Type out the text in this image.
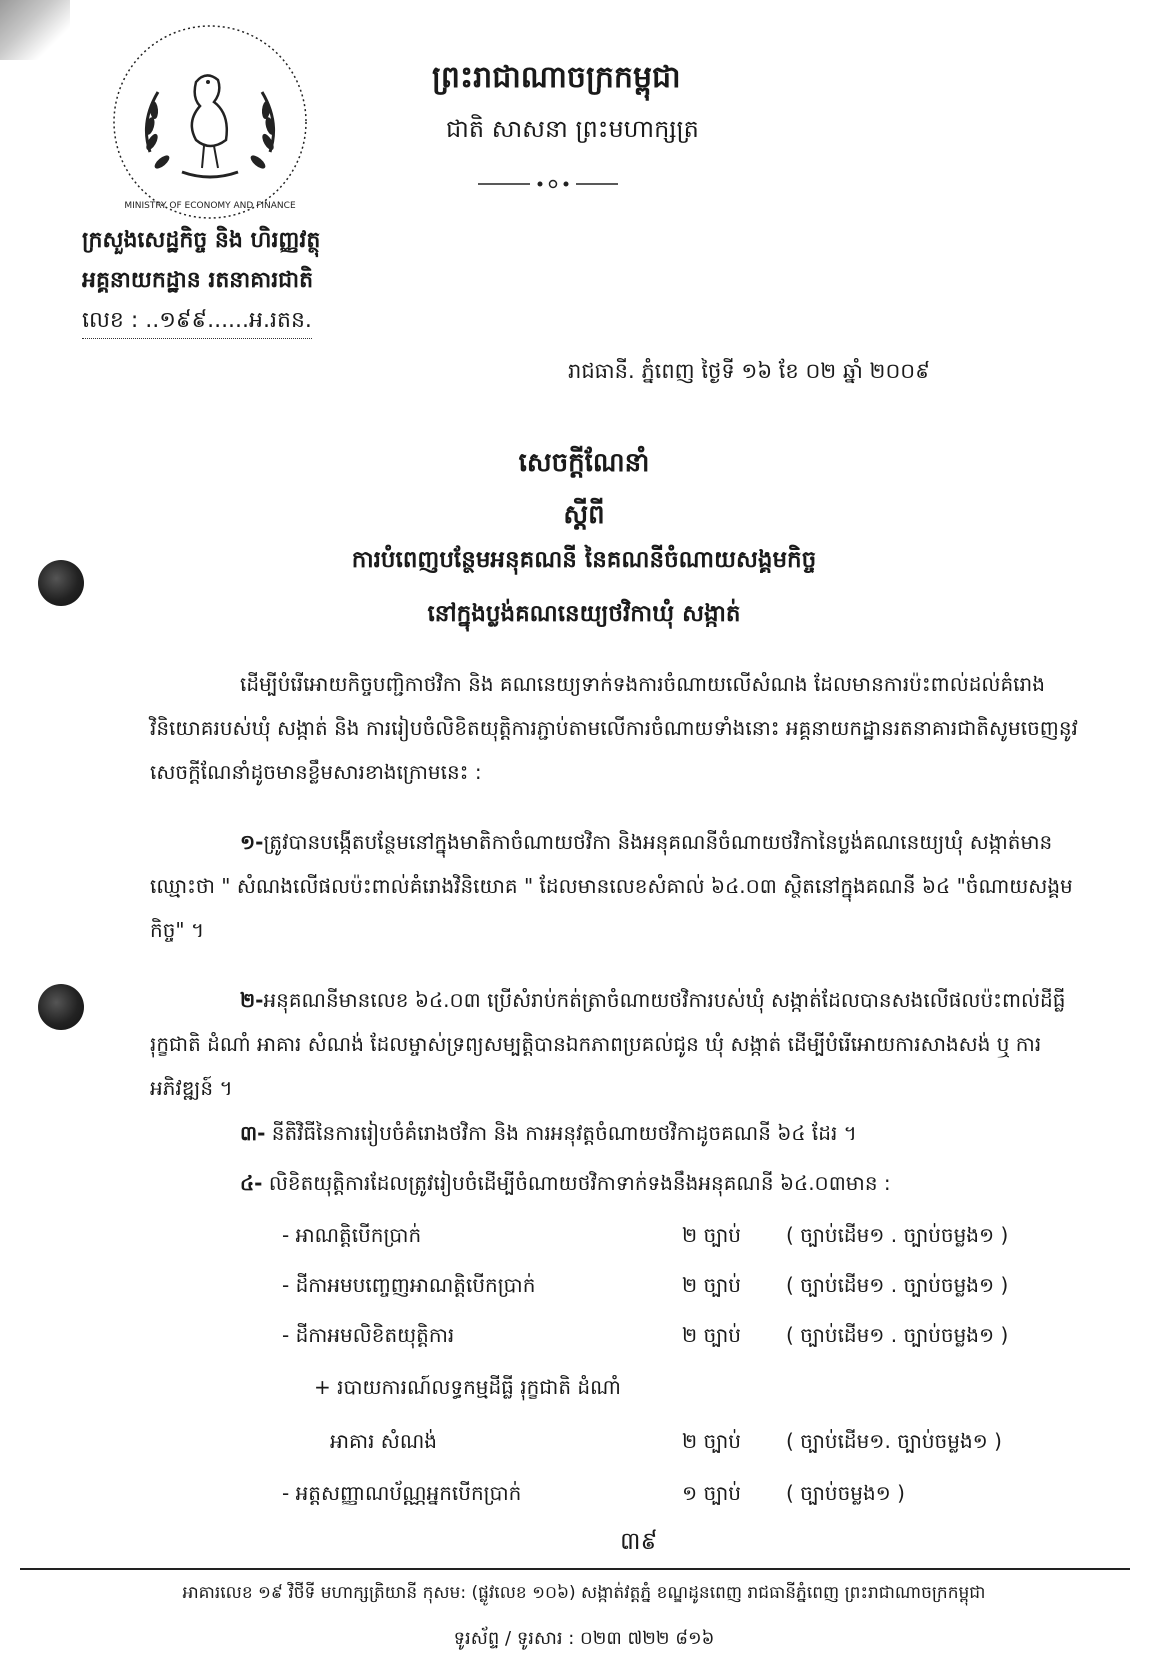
MINISTRY OF ECONOMY AND FINANCE
ក្រសួងសេដ្ឋកិច្ច និង ហិរញ្ញវត្ថុ
អគ្គនាយកដ្ឋាន រតនាគារជាតិ
លេខ : ..១៩៩......អ.រតន.
ព្រះរាជាណាចក្រកម្ពុជា
ជាតិ សាសនា ព្រះមហាក្សត្រ
រាជធានី. ភ្នំពេញ ថ្ងៃទី ១៦ ខែ ០២ ឆ្នាំ ២០០៩
សេចក្តីណែនាំ
ស្តីពី
ការបំពេញបន្ថែមអនុគណនី នៃគណនីចំណាយសង្គមកិច្ច
នៅក្នុងប្លង់គណនេយ្យថវិកាឃុំ សង្កាត់
ដើម្បីបំរើអោយកិច្ចបញ្ជិកាថវិកា និង គណនេយ្យទាក់ទងការចំណាយលើសំណង ដែលមានការប៉ះពាល់ដល់គំរោងវិនិយោគរបស់ឃុំ សង្កាត់ និង ការរៀបចំលិខិតយុត្តិការភ្ជាប់តាមលើការចំណាយទាំងនោះ អគ្គនាយកដ្ឋានរតនាគារជាតិសូមចេញនូវសេចក្តីណែនាំដូចមានខ្លឹមសារខាងក្រោមនេះ :
១-ត្រូវបានបង្កើតបន្ថែមនៅក្នុងមាតិកាចំណាយថវិកា និងអនុគណនីចំណាយថវិកានៃប្លង់គណនេយ្យឃុំ សង្កាត់មានឈ្មោះថា " សំណងលើផលប៉ះពាល់គំរោងវិនិយោគ " ដែលមានលេខសំគាល់ ៦៤.០៣ ស្ថិតនៅក្នុងគណនី ៦៤ "ចំណាយសង្គមកិច្ច" ។
២-អនុគណនីមានលេខ ៦៤.០៣ ប្រើសំរាប់កត់ត្រាចំណាយថវិការបស់ឃុំ សង្កាត់ដែលបានសងលើផលប៉ះពាល់ដីធ្លី រុក្ខជាតិ ដំណាំ អាគារ សំណង់ ដែលម្ចាស់ទ្រព្យសម្បត្តិបានឯកភាពប្រគល់ជូន ឃុំ សង្កាត់ ដើម្បីបំរើអោយការសាងសង់ ឬ ការអភិវឌ្ឍន៍ ។
៣- នីតិវិធីនៃការរៀបចំគំរោងថវិកា និង ការអនុវត្តចំណាយថវិកាដូចគណនី ៦៤ ដែរ ។
៤- លិខិតយុត្តិការដែលត្រូវរៀបចំដើម្បីចំណាយថវិកាទាក់ទងនឹងអនុគណនី ៦៤.០៣មាន :
- អាណត្តិបើកប្រាក់	២ ច្បាប់ ( ច្បាប់ដើម១ . ច្បាប់ចម្លង១ )
- ដីកាអមបញ្ចេញអាណត្តិបើកប្រាក់	២ ច្បាប់ ( ច្បាប់ដើម១ . ច្បាប់ចម្លង១ )
- ដីកាអមលិខិតយុត្តិការ	២ ច្បាប់ ( ច្បាប់ដើម១ . ច្បាប់ចម្លង១ )
+ របាយការណ៍លទ្ធកម្មដីធ្លី រុក្ខជាតិ ដំណាំ
អាគារ សំណង់	២ ច្បាប់ ( ច្បាប់ដើម១. ច្បាប់ចម្លង១ )
- អត្តសញ្ញាណប័ណ្ណអ្នកបើកប្រាក់	១ ច្បាប់ ( ច្បាប់ចម្លង១ )
៣៩
អាគារលេខ ១៩ វិថីទី មហាក្សត្រិយានី កុសម: (ផ្លូវលេខ ១០៦) សង្កាត់វត្តភ្នំ ខណ្ឌដូនពេញ រាជធានីភ្នំពេញ ព្រះរាជាណាចក្រកម្ពុជា
ទូរស័ព្ទ / ទូរសារ : ០២៣ ៧២២ ៨១៦
